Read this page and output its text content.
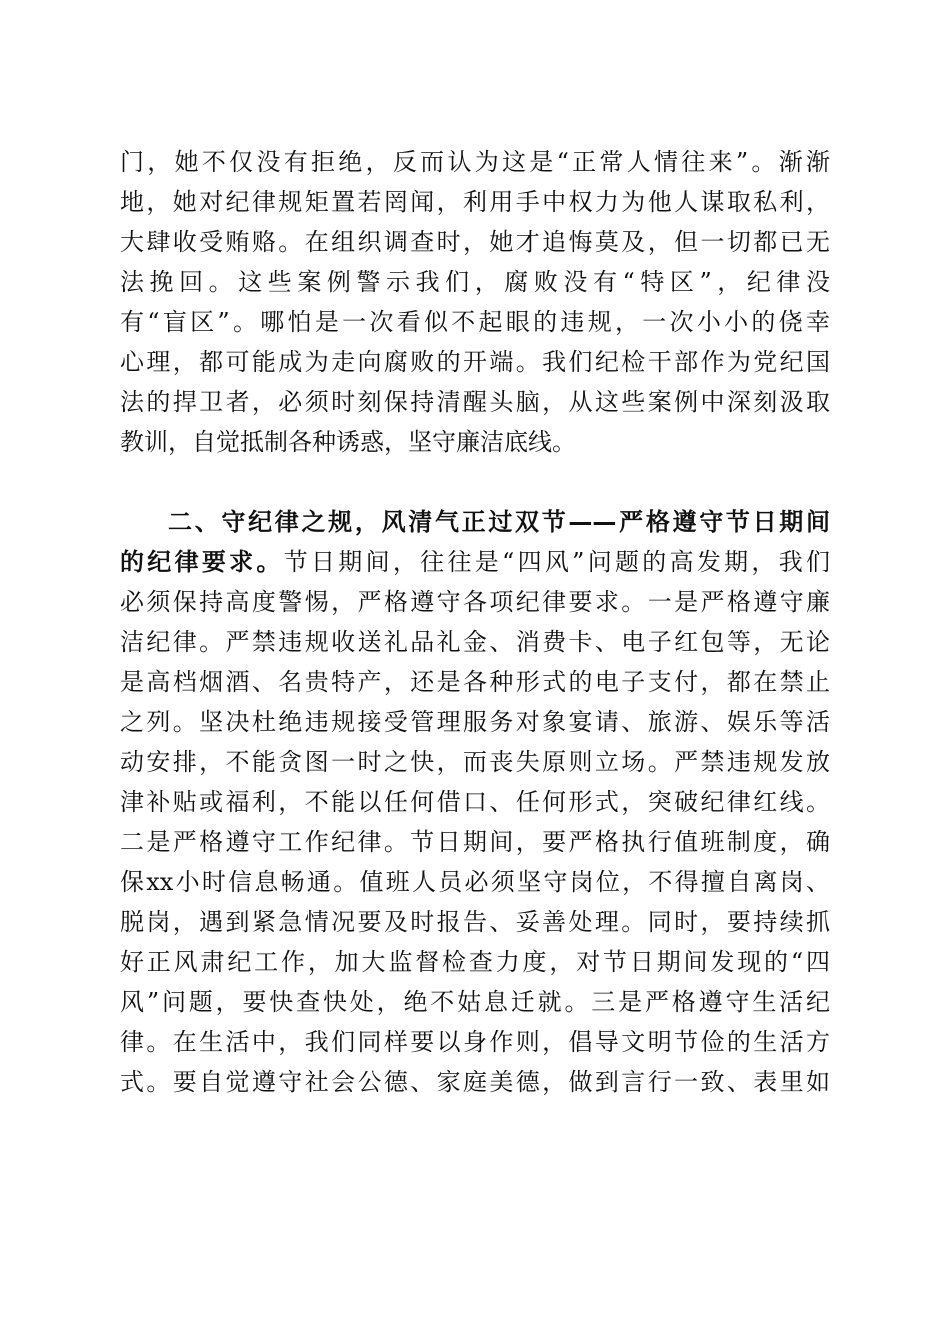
门，她不仅没有拒绝，反而认为这是“正常人情往来”。渐渐
地，她对纪律规矩置若罔闻，利用手中权力为他人谋取私利，
大肆收受贿赂。在组织调查时，她才追悔莫及，但一切都已无
法挽回。这些案例警示我们，腐败没有“特区”，纪律没
有“盲区”。哪怕是一次看似不起眼的违规，一次小小的侥幸
心理，都可能成为走向腐败的开端。我们纪检干部作为党纪国
法的捍卫者，必须时刻保持清醒头脑，从这些案例中深刻汲取
教训，自觉抵制各种诱惑，坚守廉洁底线。
二、守纪律之规，风清气正过双节——严格遵守节日期间
的纪律要求。节日期间，往往是“四风”问题的高发期，我们
必须保持高度警惕，严格遵守各项纪律要求。一是严格遵守廉
洁纪律。严禁违规收送礼品礼金、消费卡、电子红包等，无论
是高档烟酒、名贵特产，还是各种形式的电子支付，都在禁止
之列。坚决杜绝违规接受管理服务对象宴请、旅游、娱乐等活
动安排，不能贪图一时之快，而丧失原则立场。严禁违规发放
津补贴或福利，不能以任何借口、任何形式，突破纪律红线。
二是严格遵守工作纪律。节日期间，要严格执行值班制度，确
保xx小时信息畅通。值班人员必须坚守岗位，不得擅自离岗、
脱岗，遇到紧急情况要及时报告、妥善处理。同时，要持续抓
好正风肃纪工作，加大监督检查力度，对节日期间发现的“四
风”问题，要快查快处，绝不姑息迁就。三是严格遵守生活纪
律。在生活中，我们同样要以身作则，倡导文明节俭的生活方
式。要自觉遵守社会公德、家庭美德，做到言行一致、表里如
